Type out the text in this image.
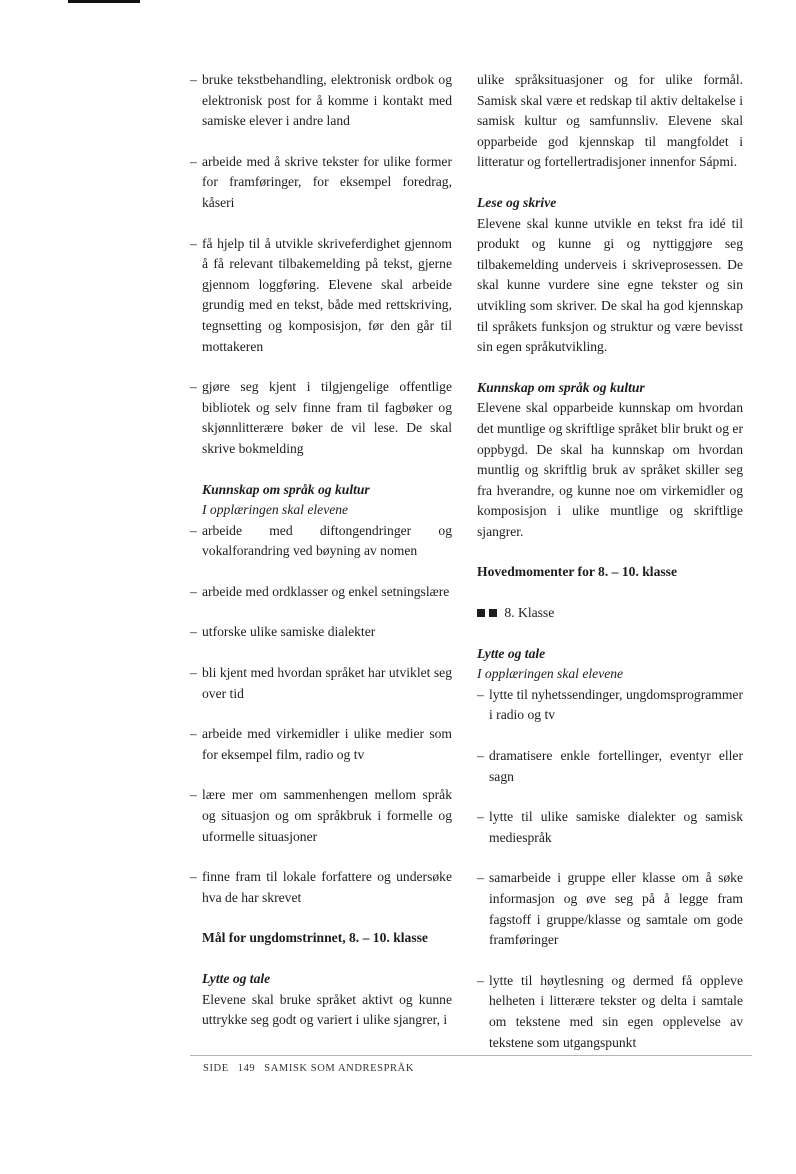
– bruke tekstbehandling, elektronisk ordbok og elektronisk post for å komme i kontakt med samiske elever i andre land
– arbeide med å skrive tekster for ulike former for framføringer, for eksempel foredrag, kåseri
– få hjelp til å utvikle skriveferdighet gjennom å få relevant tilbakemelding på tekst, gjerne gjennom loggføring. Elevene skal arbeide grundig med en tekst, både med rettskriving, tegnsetting og komposisjon, før den går til mottakeren
– gjøre seg kjent i tilgjengelige offentlige bibliotek og selv finne fram til fagbøker og skjønnlitterære bøker de vil lese. De skal skrive bokmelding
Kunnskap om språk og kultur
I opplæringen skal elevene
– arbeide med diftongendringer og vokalforandring ved bøyning av nomen
– arbeide med ordklasser og enkel setningslære
– utforske ulike samiske dialekter
– bli kjent med hvordan språket har utviklet seg over tid
– arbeide med virkemidler i ulike medier som for eksempel film, radio og tv
– lære mer om sammenhengen mellom språk og situasjon og om språkbruk i formelle og uformelle situasjoner
– finne fram til lokale forfattere og undersøke hva de har skrevet
Mål for ungdomstrinnet, 8. – 10. klasse
Lytte og tale
Elevene skal bruke språket aktivt og kunne uttrykke seg godt og variert i ulike sjangrer, i
ulike språksituasjoner og for ulike formål. Samisk skal være et redskap til aktiv deltakelse i samisk kultur og samfunnsliv. Elevene skal opparbeide god kjennskap til mangfoldet i litteratur og fortellertradisjoner innenfor Sápmi.
Lese og skrive
Elevene skal kunne utvikle en tekst fra idé til produkt og kunne gi og nyttiggjøre seg tilbakemelding underveis i skriveprosessen. De skal kunne vurdere sine egne tekster og sin utvikling som skriver. De skal ha god kjennskap til språkets funksjon og struktur og være bevisst sin egen språkutvikling.
Kunnskap om språk og kultur
Elevene skal opparbeide kunnskap om hvordan det muntlige og skriftlige språket blir brukt og er oppbygd. De skal ha kunnskap om hvordan muntlig og skriftlig bruk av språket skiller seg fra hverandre, og kunne noe om virkemidler og komposisjon i ulike muntlige og skriftlige sjangrer.
Hovedmomenter for 8. – 10. klasse
8. Klasse
Lytte og tale
I opplæringen skal elevene
– lytte til nyhetssendinger, ungdomsprogrammer i radio og tv
– dramatisere enkle fortellinger, eventyr eller sagn
– lytte til ulike samiske dialekter og samisk mediespråk
– samarbeide i gruppe eller klasse om å søke informasjon og øve seg på å legge fram fagstoff i gruppe/klasse og samtale om gode framføringer
– lytte til høytlesning og dermed få oppleve helheten i litterære tekster og delta i samtale om tekstene med sin egen opplevelse av tekstene som utgangspunkt
SIDE 149 SAMISK SOM ANDRESPRÅK
